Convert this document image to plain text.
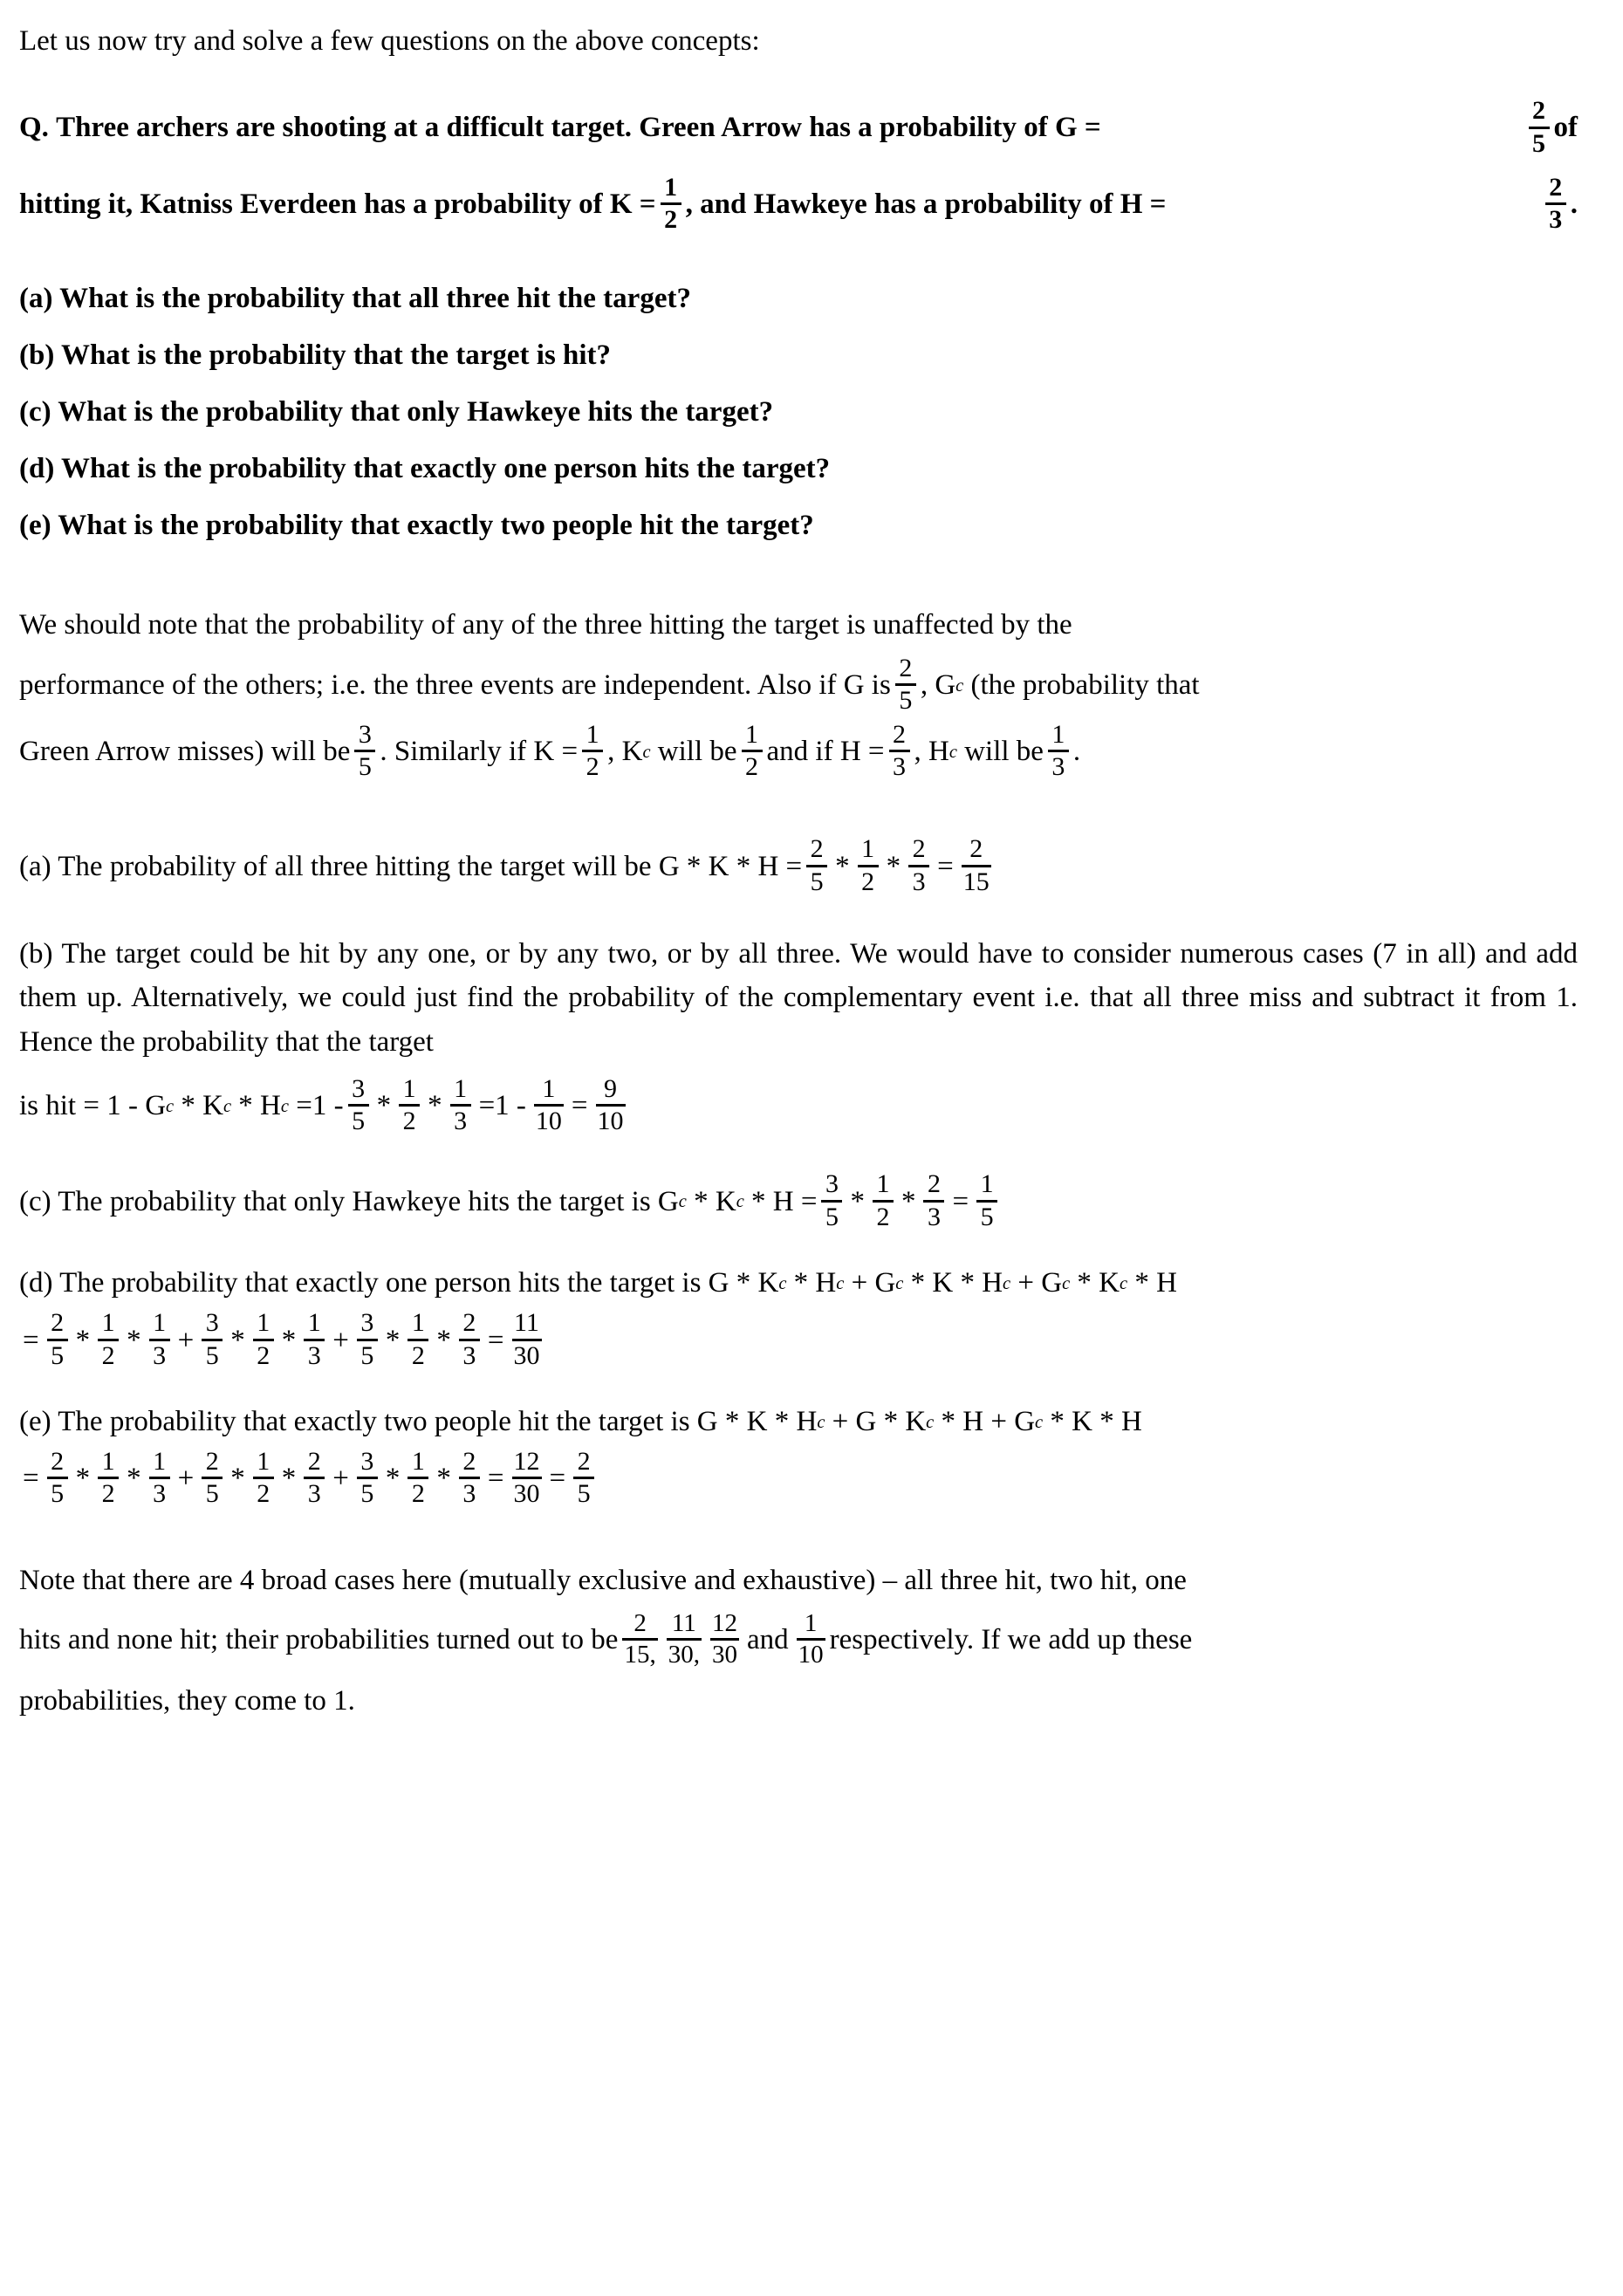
Let us now try and solve a few questions on the above concepts:

Q. Three archers are shooting at a difficult target. Green Arrow has a probability of G =	$\frac{2}{5}$ of
hitting it, Katniss Everdeen has a probability of $K = \frac{1}{2}$ , and Hawkeye has a probability of H =	$\frac{2}{3}$ .

(a) What is the probability that all three hit the target?

(b) What is the probability that the target is hit?

(c) What is the probability that only Hawkeye hits the target?

(d) What is the probability that exactly one person hits the target?

(e) What is the probability that exactly two people hit the target?

We should note that the probability of any of the three hitting the target is unaffected by the

performance of the others; i.e. the three events are independent. Also if G is $\frac{2}{5}$ , G c
(the probability that
Green Arrow misses) will be $\frac{3}{5}$ . Similarly if $K = \frac{1}{2}$ , K c
will be $\frac{1}{2}$ and if $H = \frac{2}{3}$ , H c
will be $\frac{1}{3}$ .
(a) The probability of all three hitting the target will be $G * K * H = \frac{2}{5} * \frac{1}{2} * \frac{2}{3} = \frac{2}{15}$

(b) The target could be hit by any one, or by any two, or by all three. We would have to consider numerous cases (7 in all) and add them up. Alternatively, we could just find the probability of the complementary event i.e. that all three miss and subtract it from 1. Hence the probability that the target

is hit = 1 - G c
* K c
* H c
$=1 - \frac{3}{5} * \frac{1}{2} * \frac{1}{3} =1 - \frac{1}{10} = \frac{9}{10}$
(c) The probability that only Hawkeye hits the target is G c
* K c
* $H = \frac{3}{5} * \frac{1}{2} * \frac{2}{3} = \frac{1}{5}$
(d) The probability that exactly one person hits the target is G * K c
* H c
+ G c
* K * H c
+ G c
* K c
* H
= $\frac{2}{5} * \frac{1}{2} * \frac{1}{3} + \frac{3}{5} * \frac{1}{2} * \frac{1}{3} + \frac{3}{5} * \frac{1}{2} * \frac{2}{3} = \frac{11}{30}$
(e) The probability that exactly two people hit the target is G * K * H c
+ G * K c
* H + G c
* K * H
= $\frac{2}{5} * \frac{1}{2} * \frac{1}{3} + \frac{2}{5} * \frac{1}{2} * \frac{2}{3} + \frac{3}{5} * \frac{1}{2} * \frac{2}{3} = \frac{12}{30} = \frac{2}{5}$

Note that there are 4 broad cases here (mutually exclusive and exhaustive) – all three hit, two hit, one

hits and none hit; their probabilities turned out to be $\frac{2}{15,} \frac{11}{30,} \frac{12}{30}$ and $\frac{1}{10}$ respectively. If we add up these

probabilities, they come to 1.
